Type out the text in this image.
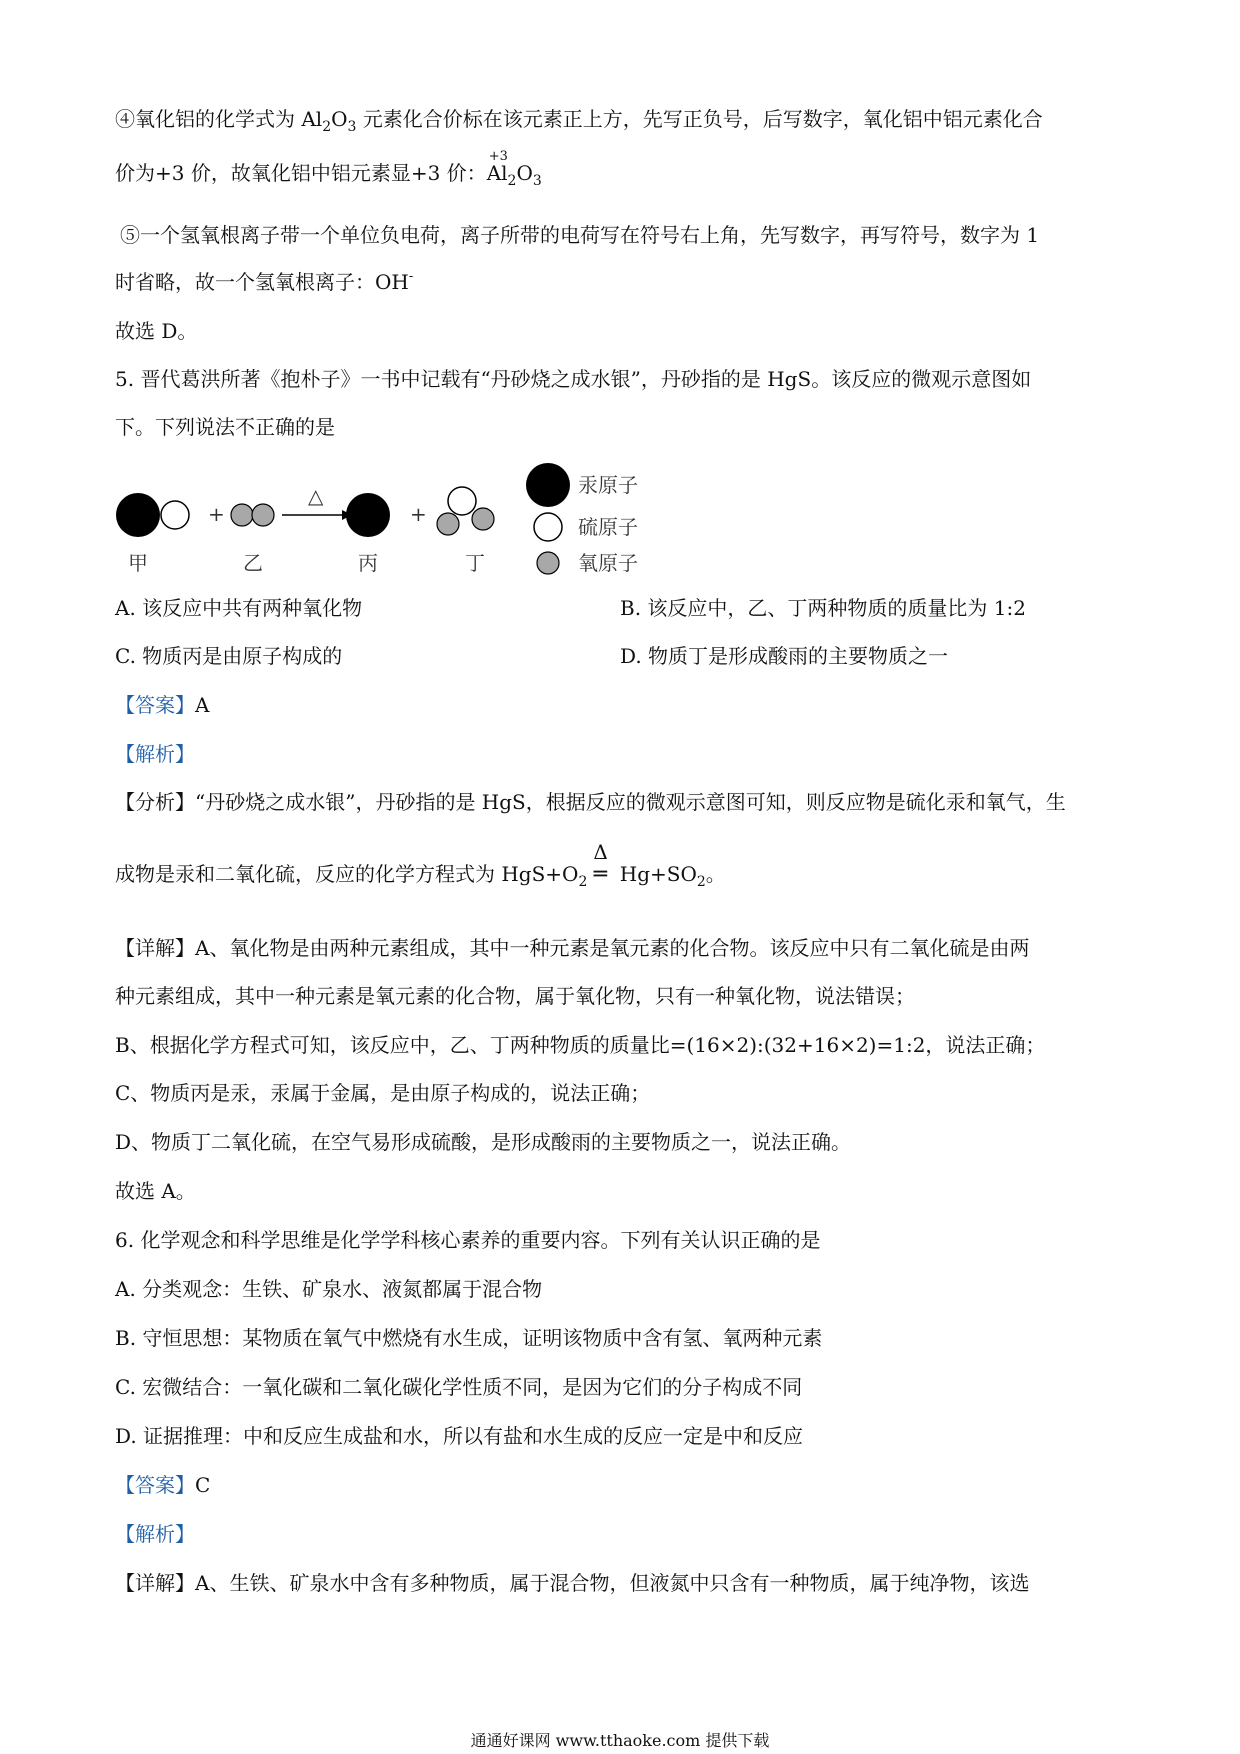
④氧化铝的化学式为 $Al_2O_3$ 元素化合价标在该元素正上方，先写正负号，后写数字，氧化铝中铝元素化合
价为+3 价，故氧化铝中铝元素显+3 价：
+3
$Al_2O_3$
⑤一个氢氧根离子带一个单位负电荷，离子所带的电荷写在符号右上角，先写数字，再写符号，数字为 1
时省略，故一个氢氧根离子：OH-
故选 D。
5. 晋代葛洪所著《抱朴子》一书中记载有“丹砂烧之成水银”，丹砂指的是 HgS。该反应的微观示意图如
下。下列说法不正确的是
+
△
+
甲	乙	丙	丁
汞原子
硫原子
氧原子
A. 该反应中共有两种氧化物	B. 该反应中，乙、丁两种物质的质量比为 1:2
C. 物质丙是由原子构成的	D. 物质丁是形成酸雨的主要物质之一
【答案】A
【解析】
【分析】“丹砂烧之成水银”，丹砂指的是 HgS，根据反应的微观示意图可知，则反应物是硫化汞和氧气，生
成物是汞和二氧化硫，反应的化学方程式为 $HgS+O_2$
Δ
═ $Hg+SO_2$。
【详解】A、氧化物是由两种元素组成，其中一种元素是氧元素的化合物。该反应中只有二氧化硫是由两
种元素组成，其中一种元素是氧元素的化合物，属于氧化物，只有一种氧化物，说法错误；
B、根据化学方程式可知，该反应中，乙、丁两种物质的质量比=(16×2):(32+16×2)=1:2，说法正确；
C、物质丙是汞，汞属于金属，是由原子构成的，说法正确；
D、物质丁二氧化硫，在空气易形成硫酸，是形成酸雨的主要物质之一，说法正确。
故选 A。
6. 化学观念和科学思维是化学学科核心素养的重要内容。下列有关认识正确的是
A. 分类观念：生铁、矿泉水、液氮都属于混合物
B. 守恒思想：某物质在氧气中燃烧有水生成，证明该物质中含有氢、氧两种元素
C. 宏微结合：一氧化碳和二氧化碳化学性质不同，是因为它们的分子构成不同
D. 证据推理：中和反应生成盐和水，所以有盐和水生成的反应一定是中和反应
【答案】C
【解析】
【详解】A、生铁、矿泉水中含有多种物质，属于混合物，但液氮中只含有一种物质，属于纯净物，该选
通通好课网 www.tthaoke.com 提供下载
